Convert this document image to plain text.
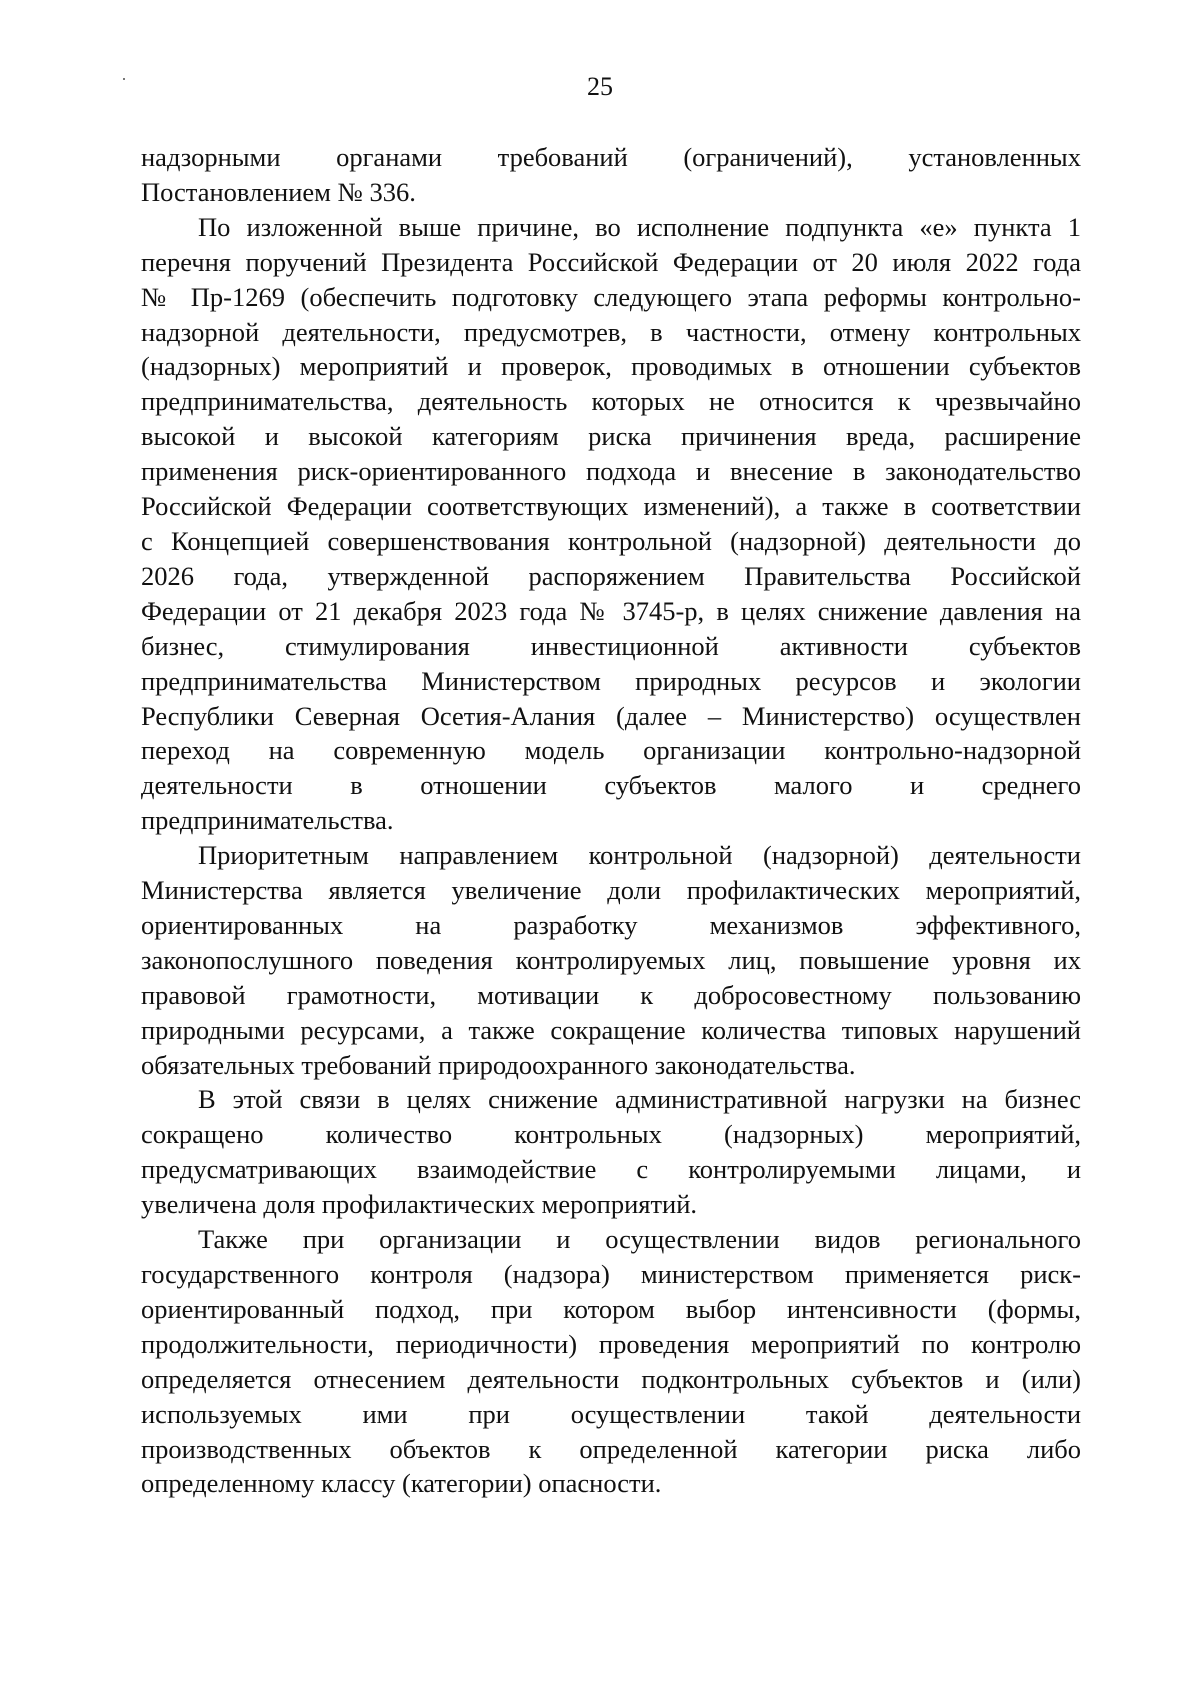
25
надзорными органами требований (ограничений), установленных
Постановлением № 336.
По изложенной выше причине, во исполнение подпункта «е» пункта 1
перечня поручений Президента Российской Федерации от 20 июля 2022 года
№ Пр-1269 (обеспечить подготовку следующего этапа реформы контрольно-
надзорной деятельности, предусмотрев, в частности, отмену контрольных
(надзорных) мероприятий и проверок, проводимых в отношении субъектов
предпринимательства, деятельность которых не относится к чрезвычайно
высокой и высокой категориям риска причинения вреда, расширение
применения риск-ориентированного подхода и внесение в законодательство
Российской Федерации соответствующих изменений), а также в соответствии
с Концепцией совершенствования контрольной (надзорной) деятельности до
2026 года, утвержденной распоряжением Правительства Российской
Федерации от 21 декабря 2023 года № 3745-р, в целях снижение давления на
бизнес, стимулирования инвестиционной активности субъектов
предпринимательства Министерством природных ресурсов и экологии
Республики Северная Осетия-Алания (далее – Министерство) осуществлен
переход на современную модель организации контрольно-надзорной
деятельности в отношении субъектов малого и среднего
предпринимательства.
Приоритетным направлением контрольной (надзорной) деятельности
Министерства является увеличение доли профилактических мероприятий,
ориентированных на разработку механизмов эффективного,
законопослушного поведения контролируемых лиц, повышение уровня их
правовой грамотности, мотивации к добросовестному пользованию
природными ресурсами, а также сокращение количества типовых нарушений
обязательных требований природоохранного законодательства.
В этой связи в целях снижение административной нагрузки на бизнес
сокращено количество контрольных (надзорных) мероприятий,
предусматривающих взаимодействие с контролируемыми лицами, и
увеличена доля профилактических мероприятий.
Также при организации и осуществлении видов регионального
государственного контроля (надзора) министерством применяется риск-
ориентированный подход, при котором выбор интенсивности (формы,
продолжительности, периодичности) проведения мероприятий по контролю
определяется отнесением деятельности подконтрольных субъектов и (или)
используемых ими при осуществлении такой деятельности
производственных объектов к определенной категории риска либо
определенному классу (категории) опасности.
